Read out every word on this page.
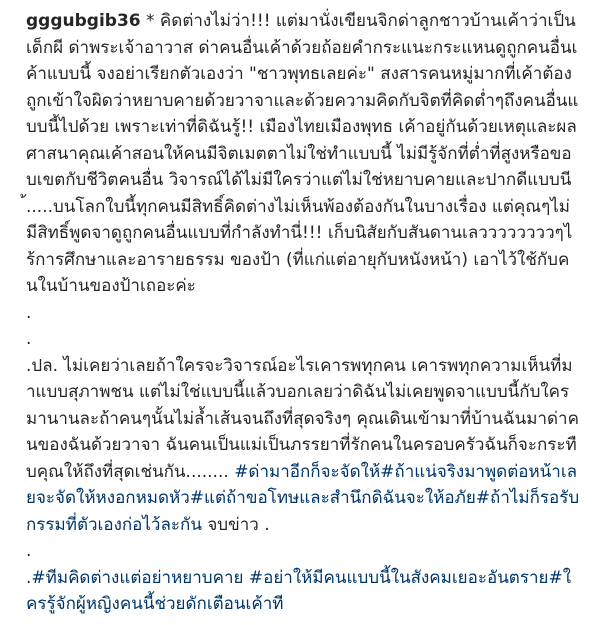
gggubgib36 * คิดต่างไม่ว่า!!! แต่มานั่งเขียนจิกด่าลูกชาวบ้านเค้าว่าเป็นเด็กผี ด่าพระเจ้าอาวาส ด่าคนอื่นเค้าด้วยถ้อยคำกระแนะกระแหนดูถูกคนอื่นเค้าแบบนี้ จงอย่าเรียกตัวเองว่า "ชาวพุทธเลยค่ะ" สงสารคนหมู่มากที่เค้าต้องถูกเข้าใจผิดว่าหยาบคายด้วยวาจาและด้วยความคิดกับจิตที่คิดต่ำๆถึงคนอื่นแบบนี้ไปด้วย เพราะเท่าที่ดิฉันรู้!! เมืองไทยเมืองพุทธ เค้าอยู่กันด้วยเหตุและผล ศาสนาคุณเค้าสอนให้คนมีจิตเมตตาไม่ใช่ทำแบบนี้ ไม่มีรู้จักที่ต่ำที่สูงหรือขอบเขตกับชีวิตคนอื่น วิจารณ์ได้ไม่มีใครว่าแต่ไม่ใช่หยาบคายและปากดีแบบนี้.....บนโลกใบนี้ทุกคนมีสิทธิ์คิดต่างไม่เห็นพ้องต้องกันในบางเรื่อง แต่คุณๆไม่มีสิทธิ์พูดจาดูถูกคนอื่นแบบที่กำลังทำนี่!!! เก็บนิสัยกับสันดานเลววววววววๆไร้การศึกษาและอารายธรรม ของป้า (ที่แก่แต่อายุกับหนังหน้า) เอาไว้ใช้กับคนในบ้านของป้าเถอะค่ะ

.

.

.ปล. ไม่เคยว่าเลยถ้าใครจะวิจารณ์อะไรเคารพทุกคน เคารพทุกความเห็นที่มาแบบสุภาพชน แต่ไม่ใช่แบบนี้แล้วบอกเลยว่าดิฉันไม่เคยพูดจาแบบนี้กับใครมานานละถ้าคนๆนั้นไม่ล้ำเส้นจนถึงที่สุดจริงๆ คุณเดินเข้ามาที่บ้านฉันมาด่าคนของฉันด้วยวาจา ฉันคนเป็นแม่เป็นภรรยาที่รักคนในครอบครัวฉันก็จะกระทืบคุณให้ถึงที่สุดเช่นกัน........ #ด่ามาอีกก็จะจัดให้#ถ้าแน่จริงมาพูดต่อหน้าเลยจะจัดให้หงอกหมดหัว#แต่ถ้าขอโทษและสำนึกดิฉันจะให้อภัย#ถ้าไม่ก็รอรับกรรมที่ตัวเองก่อไว้ละกัน จบข่าว .

.

.#ทีมคิดต่างแต่อย่าหยาบคาย #อย่าให้มีคนแบบนี้ในสังคมเยอะอันตราย#ใครรู้จักผู้หญิงคนนี้ช่วยดักเตือนเค้าที
